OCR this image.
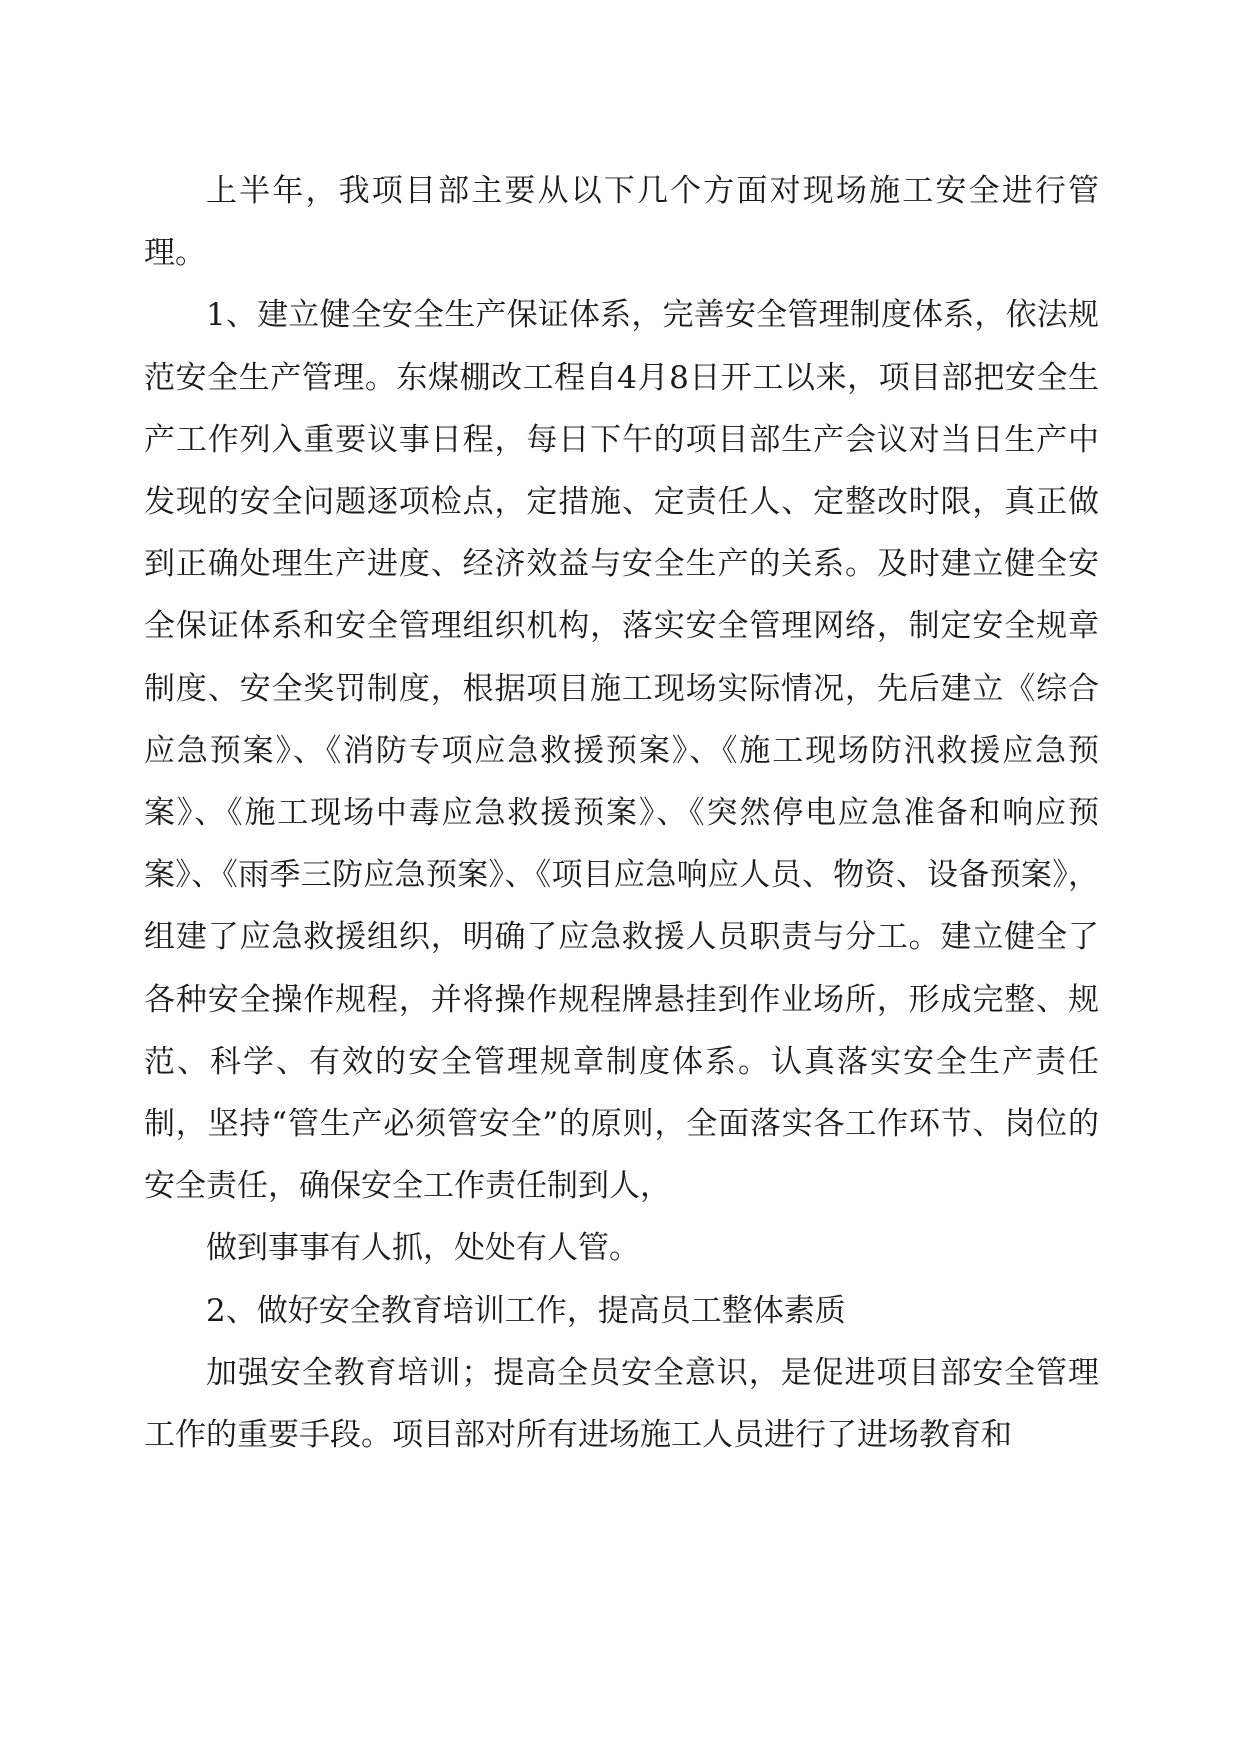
上半年，我项目部主要从以下几个方面对现场施工安全进行管理。

1、建立健全安全生产保证体系，完善安全管理制度体系，依法规范安全生产管理。东煤棚改工程自4月8日开工以来，项目部把安全生产工作列入重要议事日程，每日下午的项目部生产会议对当日生产中发现的安全问题逐项检点，定措施、定责任人、定整改时限，真正做到正确处理生产进度、经济效益与安全生产的关系。及时建立健全安全保证体系和安全管理组织机构，落实安全管理网络，制定安全规章制度、安全奖罚制度，根据项目施工现场实际情况，先后建立《综合应急预案》、《消防专项应急救援预案》、《施工现场防汛救援应急预案》、《施工现场中毒应急救援预案》、《突然停电应急准备和响应预案》、《雨季三防应急预案》、《项目应急响应人员、物资、设备预案》，组建了应急救援组织，明确了应急救援人员职责与分工。建立健全了各种安全操作规程，并将操作规程牌悬挂到作业场所，形成完整、规范、科学、有效的安全管理规章制度体系。认真落实安全生产责任制，坚持“管生产必须管安全”的原则，全面落实各工作环节、岗位的安全责任，确保安全工作责任制到人，

做到事事有人抓，处处有人管。

2、做好安全教育培训工作，提高员工整体素质

加强安全教育培训；提高全员安全意识，是促进项目部安全管理工作的重要手段。项目部对所有进场施工人员进行了进场教育和
